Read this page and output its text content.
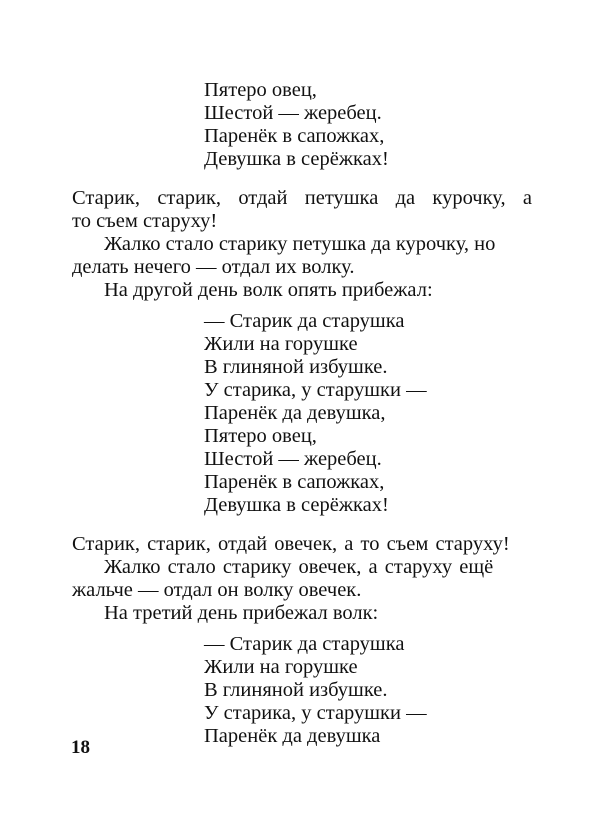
Пятеро овец,
Шестой — жеребец.
Паренёк в сапожках,
Девушка в серёжках!
Старик, старик, отдай петушка да курочку, а
то съем старуху!
Жалко стало старику петушка да курочку, но
делать нечего — отдал их волку.
На другой день волк опять прибежал:
— Старик да старушка
Жили на горушке
В глиняной избушке.
У старика, у старушки —
Паренёк да девушка,
Пятеро овец,
Шестой — жеребец.
Паренёк в сапожках,
Девушка в серёжках!
Старик, старик, отдай овечек, а то съем старуху!
Жалко стало старику овечек, а старуху ещё
жальче — отдал он волку овечек.
На третий день прибежал волк:
— Старик да старушка
Жили на горушке
В глиняной избушке.
У старика, у старушки —
Паренёк да девушка
18
